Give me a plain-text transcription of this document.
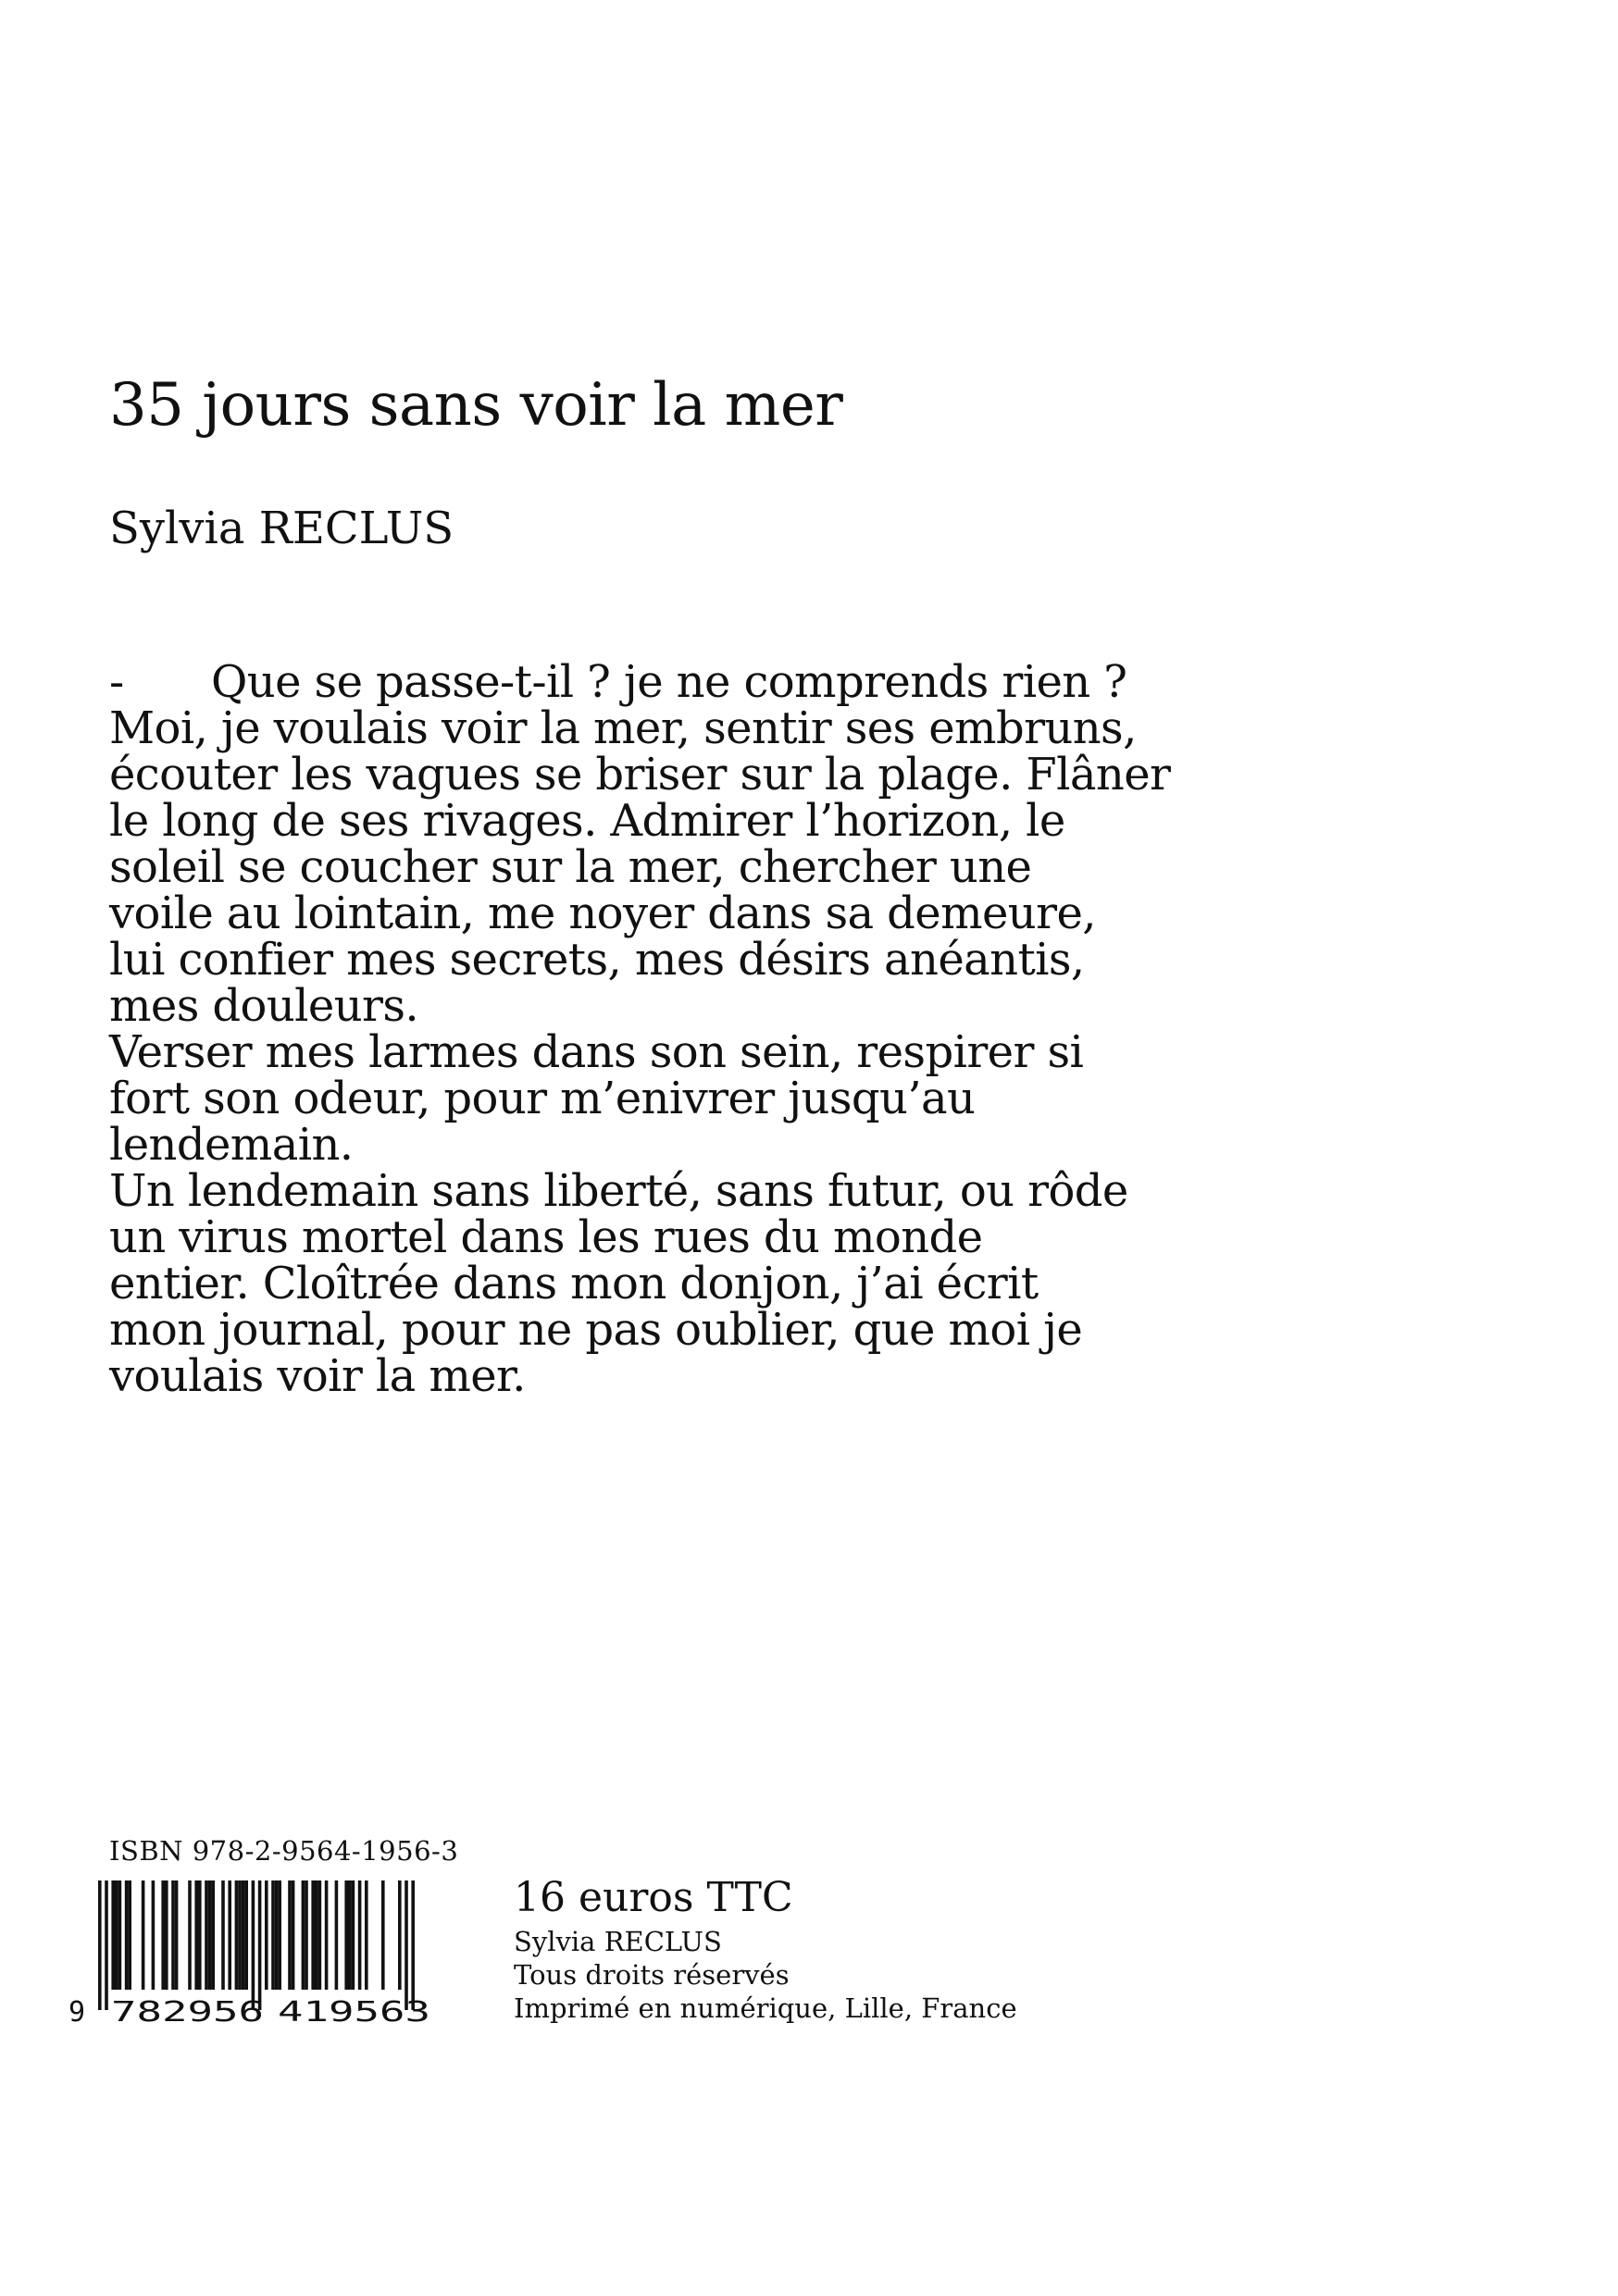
35 jours sans voir la mer
Sylvia RECLUS
- Que se passe-t-il ? je ne comprends rien ?
Moi, je voulais voir la mer, sentir ses embruns,
écouter les vagues se briser sur la plage. Flâner
le long de ses rivages. Admirer l’horizon, le
soleil se coucher sur la mer, chercher une
voile au lointain, me noyer dans sa demeure,
lui confier mes secrets, mes désirs anéantis,
mes douleurs.
Verser mes larmes dans son sein, respirer si
fort son odeur, pour m’enivrer jusqu’au
lendemain.
Un lendemain sans liberté, sans futur, ou rôde
un virus mortel dans les rues du monde
entier. Cloîtrée dans mon donjon, j’ai écrit
mon journal, pour ne pas oublier, que moi je
voulais voir la mer.
ISBN 978-2-9564-1956-3
9 782956 419563
16 euros TTC
Sylvia RECLUS
Tous droits réservés
Imprimé en numérique, Lille, France
